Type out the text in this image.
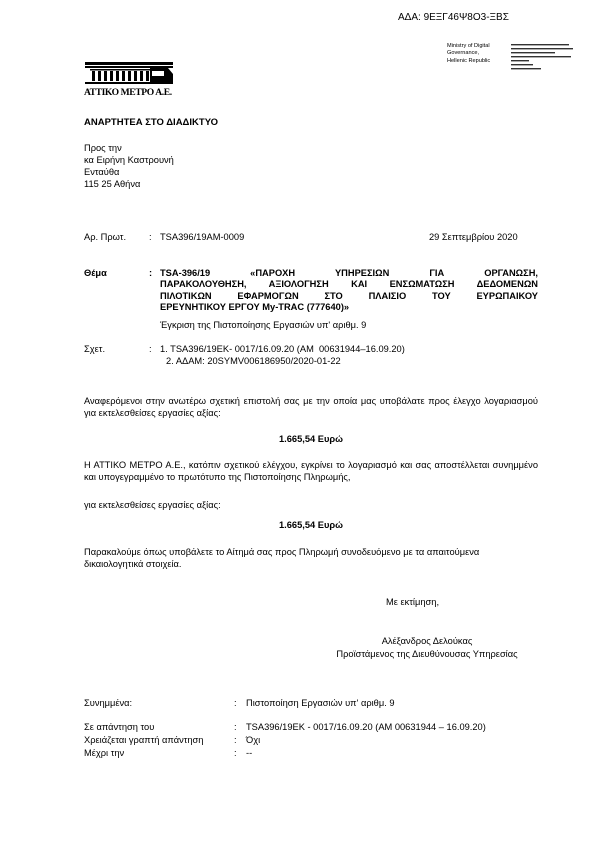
ΑΔΑ: 9ΕΞΓ46Ψ8Ο3-ΞΒΣ
ΑΤΤΙΚΟ ΜΕΤΡΟ Α.Ε.
Ministry of Digital
Governance,
Hellenic Republic
ΑΝΑΡΤΗΤΕΑ ΣΤΟ ΔΙΑΔΙΚΤΥΟ
Προς την
κα Ειρήνη Καστρουνή
Ενταύθα
115 25 Αθήνα
Αρ. Πρωτ. : TSA396/19AM-0009	29 Σεπτεμβρίου 2020
Θέμα	: TSA-396/19        «ΠΑΡΟΧΗ        ΥΠΗΡΕΣΙΩΝ        ΓΙΑ        ΟΡΓΑΝΩΣΗ,
ΠΑΡΑΚΟΛΟΥΘΗΣΗ, ΑΞΙΟΛΟΓΗΣΗ ΚΑΙ ΕΝΣΩΜΑΤΩΣΗ ΔΕΔΟΜΕΝΩΝ
ΠΙΛΟΤΙΚΩΝ  ΕΦΑΡΜΟΓΩΝ  ΣΤΟ  ΠΛΑΙΣΙΟ  ΤΟΥ  ΕΥΡΩΠΑΙΚΟΥ
ΕΡΕΥΝΗΤΙΚΟΥ ΕΡΓΟΥ My-TRAC (777640)»
Έγκριση της Πιστοποίησης Εργασιών υπ' αριθμ. 9
Σχετ.	: 1. TSA396/19EK- 0017/16.09.20 (ΑΜ  00631944–16.09.20)
2. ΑΔΑΜ: 20SYMV006186950/2020-01-22
Αναφερόμενοι στην ανωτέρω σχετική επιστολή σας με την οποία μας υποβάλατε προς έλεγχο λογαριασμού για εκτελεσθείσες εργασίες αξίας:
1.665,54 Ευρώ
Η ΑΤΤΙΚΟ ΜΕΤΡΟ Α.Ε., κατόπιν σχετικού ελέγχου, εγκρίνει το λογαριασμό και σας αποστέλλεται συνημμένο και υπογεγραμμένο το πρωτότυπο της Πιστοποίησης Πληρωμής,
για εκτελεσθείσες εργασίες αξίας:
1.665,54 Ευρώ
Παρακαλούμε όπως υποβάλετε το Αίτημά σας προς Πληρωμή συνοδευόμενο με τα απαιτούμενα δικαιολογητικά στοιχεία.
Με εκτίμηση,
Αλέξανδρος Δελούκας
Προϊστάμενος της Διευθύνουσας Υπηρεσίας
Συνημμένα:	: Πιστοποίηση Εργασιών υπ' αριθμ. 9
Σε απάντηση του	: TSA396/19EK - 0017/16.09.20 (ΑΜ 00631944 – 16.09.20)
Χρειάζεται γραπτή απάντηση	: Όχι
Μέχρι την	: --
